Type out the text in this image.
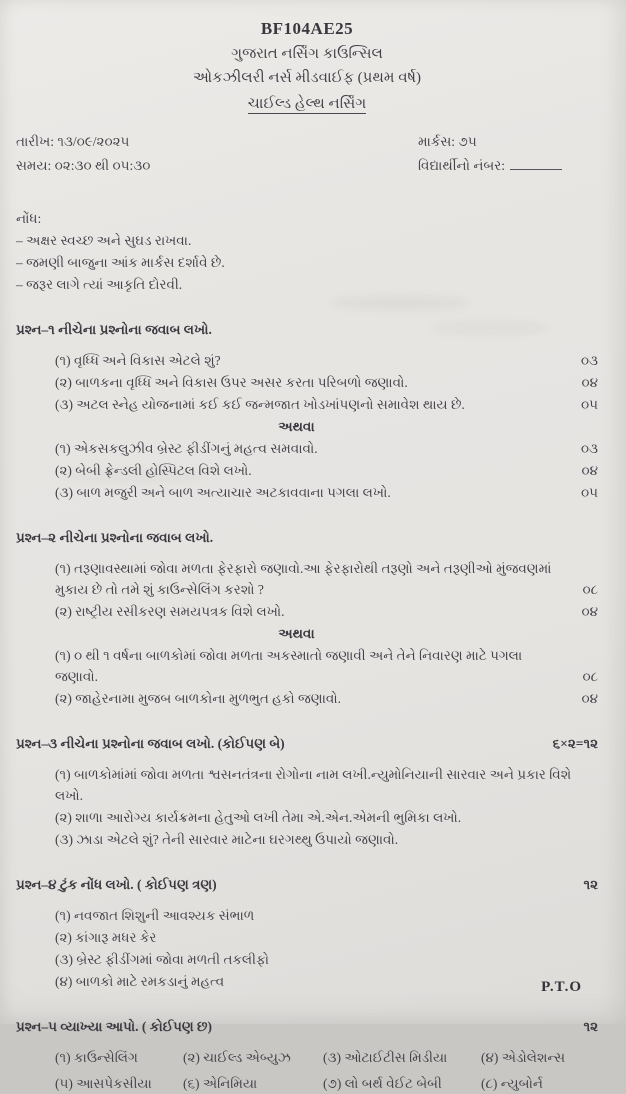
BF104AE25
ગુજરાત નર્સિંગ કાઉન્સિલ
ઓકઝીલરી નર્સ મીડવાઈફ (પ્રથમ વર્ષ)
ચાઈલ્ડ હેલ્થ નર્સિંગ
તારીખ: ૧૩/૦૯/૨૦૨૫
સમય: ૦૨:૩૦ થી ૦૫:૩૦
માર્કસ: ૭૫
વિદ્યાર્થીનો નંબર:
નોંધ:
– અક્ષર સ્વચ્છ અને સુઘડ રાખવા.
– જમણી બાજુના આંક માર્કસ દર્શાવે છે.
– જરૂર લાગે ત્યાં આકૃતિ દોરવી.
પ્રશ્ન–૧ નીચેના પ્રશ્નોના જવાબ લખો.
(૧) વૃધ્ધિ અને વિકાસ એટલે શું?	૦૩
(૨) બાળકના વૃધ્ધિ અને વિકાસ ઉપર અસર કરતા પરિબળો જણાવો.	૦૪
(૩) અટલ સ્નેહ યોજનામાં કઈ કઈ જન્મજાત ખોડખાંપણનો સમાવેશ થાય છે.	૦૫
અથવા
(૧) એકસકલુઝીવ બ્રેસ્ટ ફીડીંગનું મહત્વ સમવાવો.	૦૩
(૨) બેબી ફ્રેન્ડલી હોસ્પિટલ વિશે લખો.	૦૪
(૩) બાળ મજુરી અને બાળ અત્યાચાર અટકાવવાના પગલા લખો.	૦૫
પ્રશ્ન–૨ નીચેના પ્રશ્નોના જવાબ લખો.
(૧) તરૂણાવસ્થામાં જોવા મળતા ફેરફારો જણાવો.આ ફેરફારોથી તરૂણો અને તરૂણીઓ મુંજવણમાં મુકાય છે તો તમે શું કાઉન્સેલિંગ કરશો ?	૦૮
(૨) રાષ્ટ્રીય રસીકરણ સમયપત્રક વિશે લખો.	૦૪
અથવા
(૧) ૦ થી ૧ વર્ષના બાળકોમાં જોવા મળતા અકસ્માતો જણાવી અને તેને નિવારણ માટે પગલા જણાવો.	૦૮
(૨) જાહેરનામા મુજબ બાળકોના મુળભુત હકો જણાવો.	૦૪
પ્રશ્ન–૩ નીચેના પ્રશ્નોના જવાબ લખો. (કોઈપણ બે)	૬×૨=૧૨
(૧) બાળકોમાંમાં જોવા મળતા શ્વસનતંત્રના રોગોના નામ લખી.ન્યુમોનિયાની સારવાર અને પ્રકાર વિશે લખો.
(૨) શાળા આરોગ્ય કાર્યક્રમના હેતુઓ લખી તેમા એ.એન.એમની ભુમિકા લખો.
(૩) ઝાડા એટલે શું? તેની સારવાર માટેના ઘરગથ્થુ ઉપાયો જણાવો.
પ્રશ્ન–૪ ટુંક નોંધ લખો. ( કોઈપણ ત્રણ)	૧૨
(૧) નવજાત શિશુની આવશ્યક સંભાળ
(૨) કાંગારૂ મધર કેર
(૩) બ્રેસ્ટ ફીડીંગમાં જોવા મળતી તકલીફો
(૪) બાળકો માટે રમકડાનું મહત્વ
પ્રશ્ન–૫ વ્યાખ્યા આપો. ( કોઈપણ છ)	૧૨
(૧) કાઉન્સેલિંગ	(૨) ચાઈલ્ડ એબ્યુઝ	(૩) ઓટાઈટીસ મિડીયા	(૪) એડોલેશન્સ
(૫) આસપેકસીયા	(૬) એનિમિયા	(૭) લો બર્થ વેઈટ બેબી	(૮) ન્યુબોર્ન
P.T.O
